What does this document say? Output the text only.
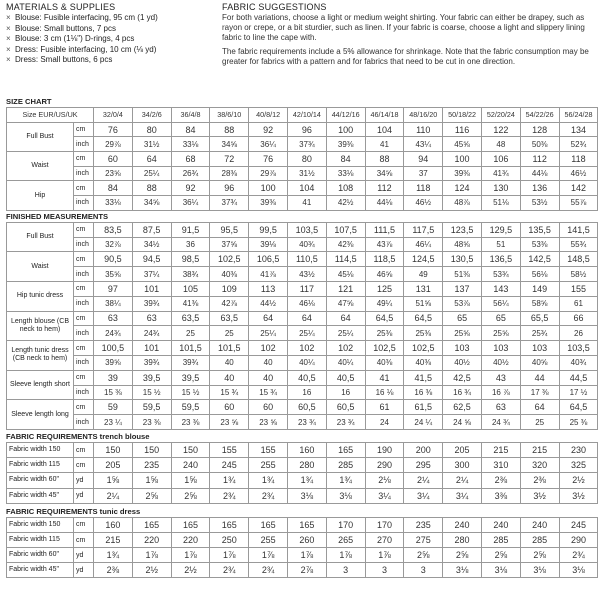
MATERIALS & SUPPLIES
× Blouse: Fusible interfacing, 95 cm (1 yd)
× Blouse: Small buttons, 7 pcs
× Blouse: 3 cm (1⅛") D-rings, 4 pcs
× Dress: Fusible interfacing, 10 cm (⅛ yd)
× Dress: Small buttons, 6 pcs
FABRIC SUGGESTIONS

For both variations, choose a light or medium weight shirting. Your fabric can either be drapey, such as rayon or crepe, or a bit sturdier, such as linen. If your fabric is coarse, choose a light and slippery lining fabric to line the cape with.

The fabric requirements include a 5% allowance for shrinkage. Note that the fabric consumption may be greater for fabrics with a pattern and for fabrics that need to be cut in one direction.

SIZE CHART
Size EUR/US/UK		32/0/4	34/2/6	36/4/8	38/6/10	40/8/12	42/10/14	44/12/16	46/14/18	48/16/20	50/18/22	52/20/24	54/22/26	56/24/28
Full Bust	cm	76	80	84	88	92	96	100	104	110	116	122	128	134
	inch	29⅞	31½	33⅛	34⅝	36¼	37¾	39⅜	41	43¼	45⅝	48	50⅜	52¾
Waist	cm	60	64	68	72	76	80	84	88	94	100	106	112	118
	inch	23⅝	25¼	26¾	28⅜	29⅞	31½	33⅛	34⅝	37	39⅜	41¾	44⅛	46½
Hip	cm	84	88	92	96	100	104	108	112	118	124	130	136	142
	inch	33⅛	34⅝	36¼	37¾	39⅜	41	42½	44⅛	46½	48⅞	51⅛	53½	55⅞
FINISHED MEASUREMENTS
Full Bust	cm	83,5	87,5	91,5	95,5	99,5	103,5	107,5	111,5	117,5	123,5	129,5	135,5	141,5
	inch	32⅞	34½	36	37⅝	39⅛	40¾	42⅜	43⅞	46¼	48⅝	51	53⅜	55¾
Waist	cm	90,5	94,5	98,5	102,5	106,5	110,5	114,5	118,5	124,5	130,5	136,5	142,5	148,5
	inch	35⅝	37¼	38¾	40⅜	41⅞	43½	45⅛	46⅝	49	51⅜	53¾	56⅛	58½
Hip tunic dress	cm	97	101	105	109	113	117	121	125	131	137	143	149	155
	inch	38¼	39¾	41⅜	42⅞	44½	46⅛	47⅝	49¼	51⅝	53⅞	56¼	58⅝	61
Length blouse (CB neck to hem)	cm	63	63	63,5	63,5	64	64	64	64,5	64,5	65	65	65,5	66
	inch	24¾	24¾	25	25	25¼	25¼	25¼	25⅜	25⅜	25⅝	25⅝	25¾	26
Length tunic dress (CB neck to hem)	cm	100,5	101	101,5	101,5	102	102	102	102,5	102,5	103	103	103	103,5
	inch	39⅝	39¾	39¾	40	40	40¼	40¼	40⅜	40⅜	40½	40½	40⅝	40¾
Sleeve length short	cm	39	39,5	39,5	40	40	40,5	40,5	41	41,5	42,5	43	44	44,5
	inch	15 ⅜	15 ½	15 ½	15 ¾	15 ¾	16	16	16 ⅛	16 ⅜	16 ¾	16 ⅞	17 ⅜	17 ½
Sleeve length long	cm	59	59,5	59,5	60	60	60,5	60,5	61	61,5	62,5	63	64	64,5
	inch	23 ¼	23 ⅜	23 ⅜	23 ⅝	23 ⅝	23 ¾	23 ¾	24	24 ¼	24 ⅝	24 ¾	25	25 ⅜
FABRIC REQUIREMENTS trench blouse
Fabric width 150	cm	150	150	150	155	155	160	165	190	200	205	215	215	230
Fabric width 115	cm	205	235	240	245	255	280	285	290	295	300	310	320	325
Fabric width 60"	yd	1⅝	1⅝	1⅝	1¾	1¾	1¾	1¾	2⅛	2¼	2¼	2⅜	2⅜	2½
Fabric width 45"	yd	2¼	2⅝	2⅝	2¾	2¾	3⅛	3⅛	3¼	3¼	3¼	3⅜	3½	3½
FABRIC REQUIREMENTS tunic dress
Fabric width 150	cm	160	165	165	165	165	165	170	170	235	240	240	240	245
Fabric width 115	cm	215	220	220	250	255	260	265	270	275	280	285	285	290
Fabric width 60"	yd	1¾	1⅞	1⅞	1⅞	1⅞	1⅞	1⅞	1⅞	2⅝	2⅝	2⅝	2⅝	2¾
Fabric width 45"	yd	2⅜	2½	2½	2¾	2¾	2⅞	3	3	3	3⅛	3⅛	3⅛	3⅛
